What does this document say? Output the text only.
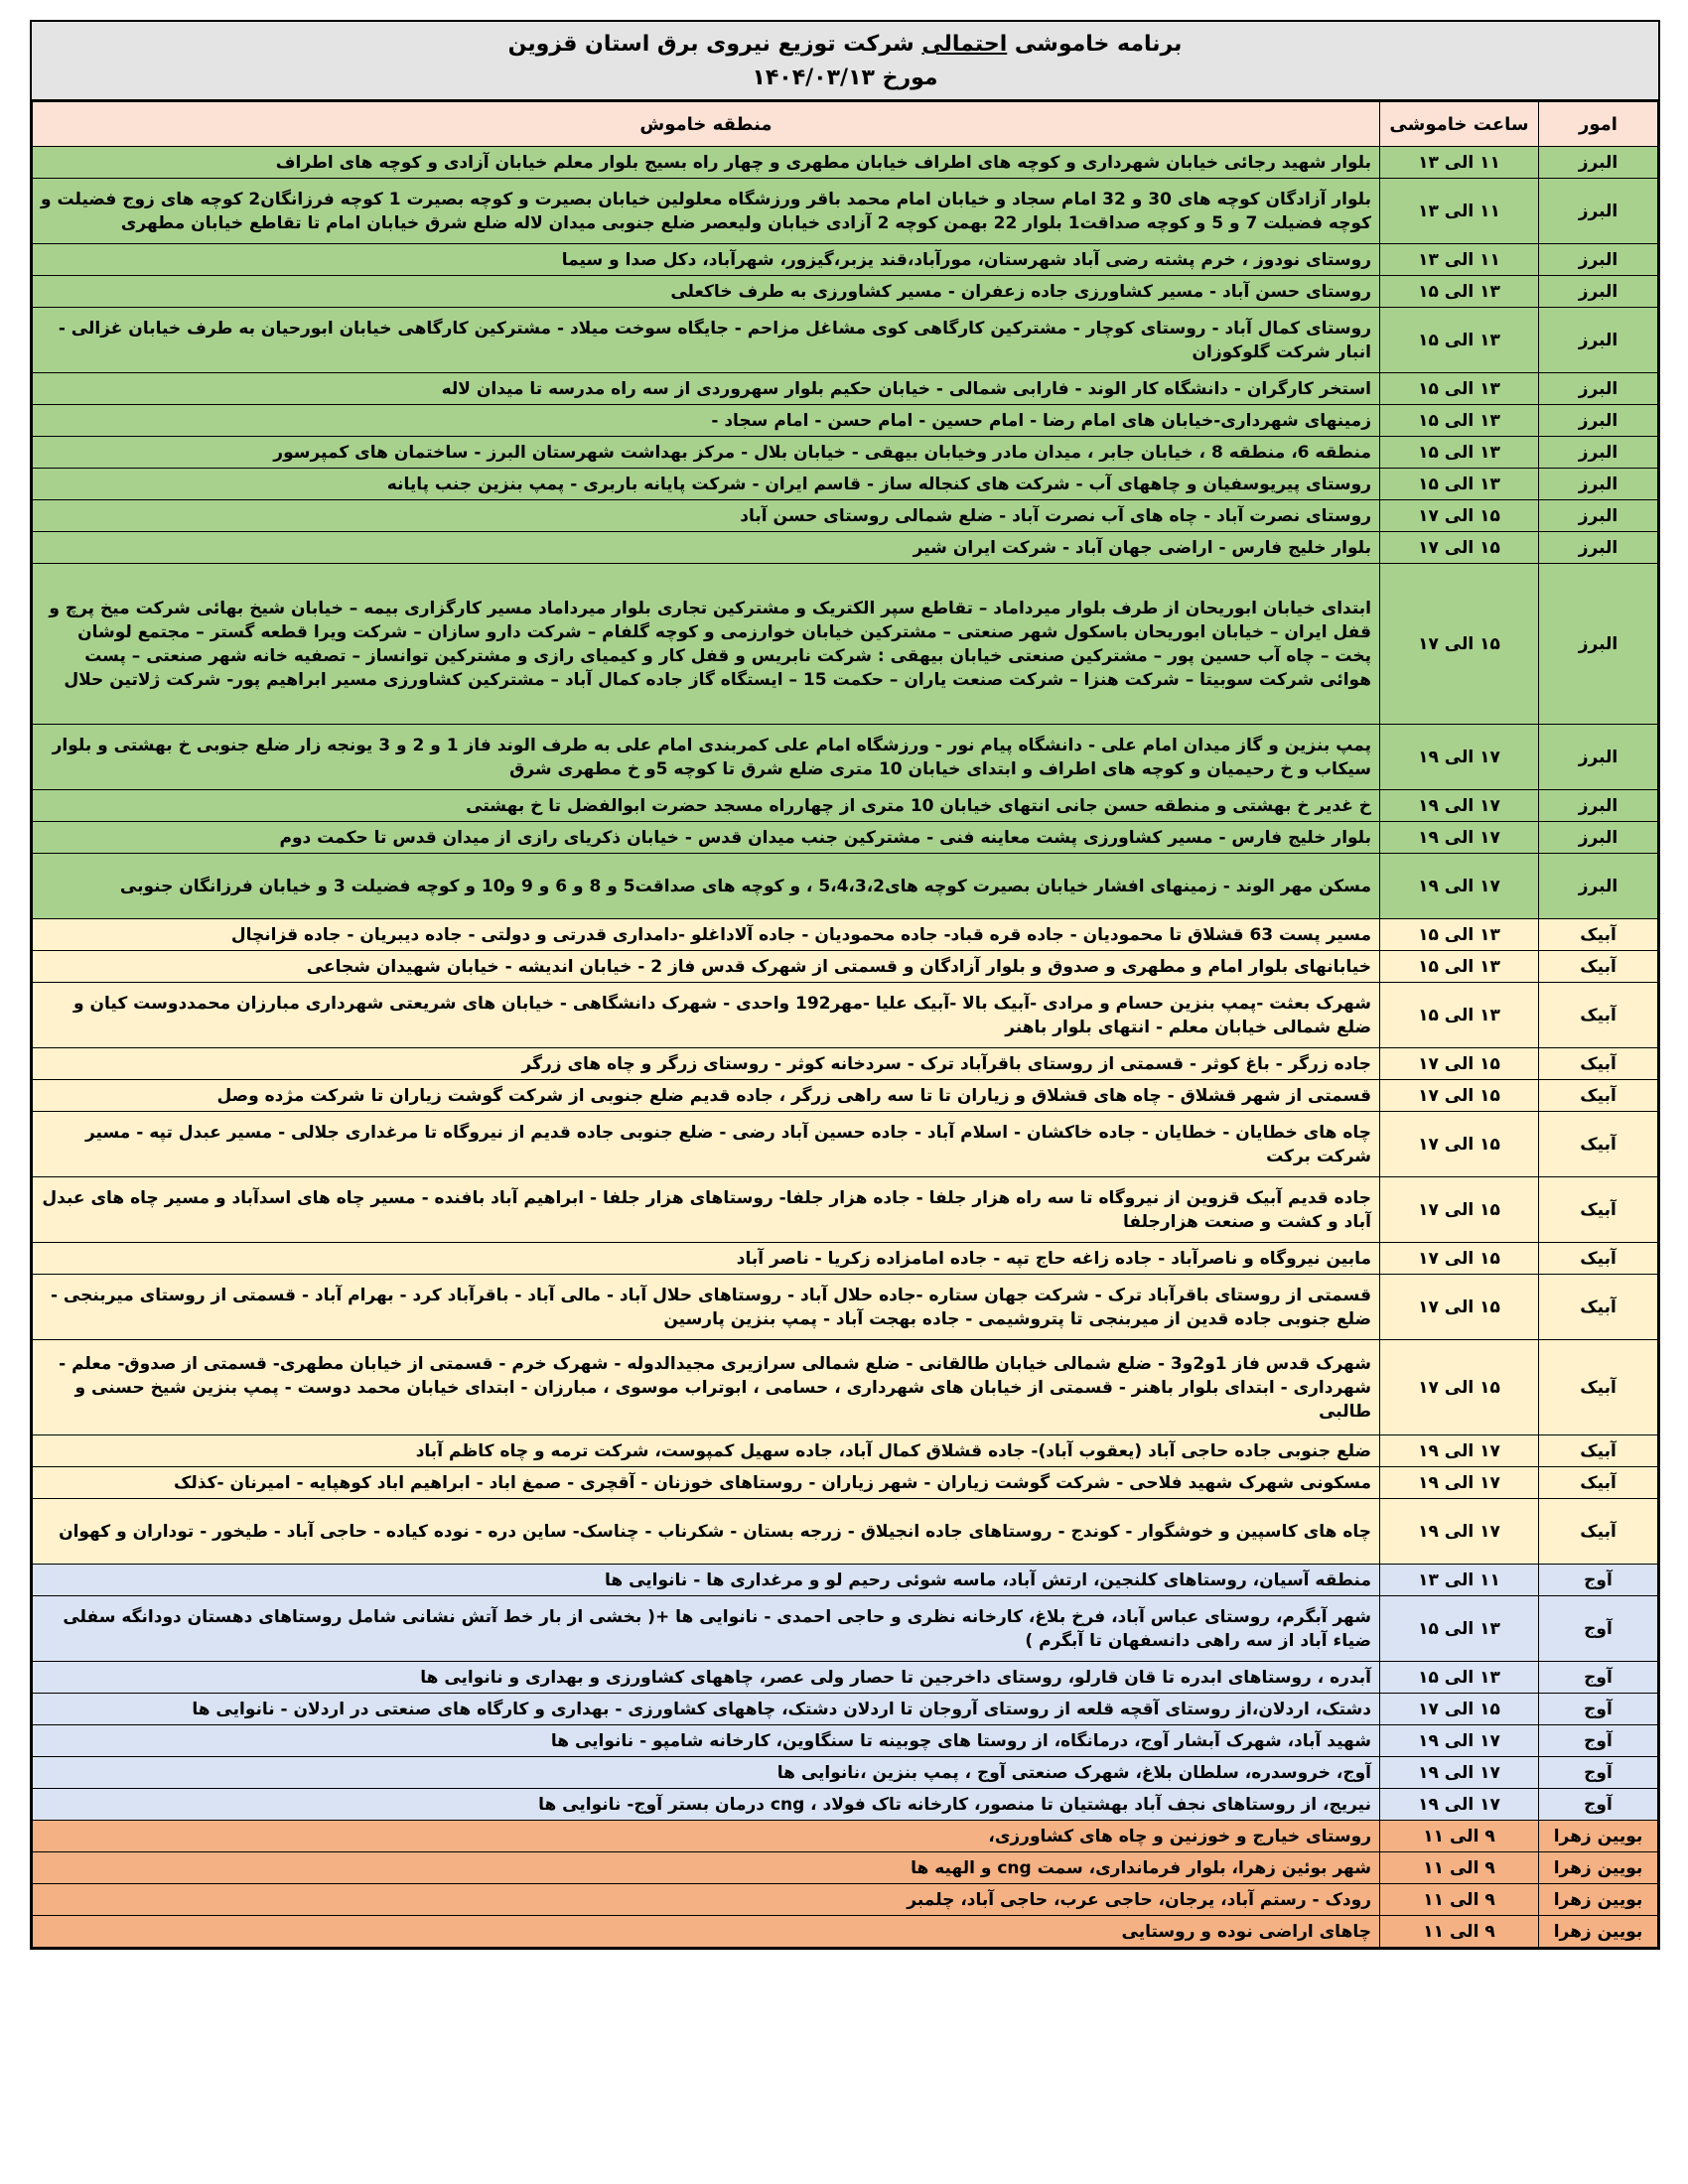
برنامه خاموشی احتمالی شرکت توزیع نیروی برق استان قزوین
مورخ ۱۴۰۴/۰۳/۱۳
امور	ساعت خاموشی	منطقه خاموش
البرز	۱۱ الی ۱۳	بلوار شهید رجائی خیابان شهرداری و کوچه های اطراف خیابان مطهری و چهار راه بسیج بلوار معلم خیابان آزادی و کوچه های اطراف
البرز	۱۱ الی ۱۳	بلوار آزادگان کوچه های 30 و 32 امام سجاد و خیابان امام محمد باقر ورزشگاه معلولین خیابان بصیرت و کوچه بصیرت 1 کوچه فرزانگان2 کوچه های زوج فضیلت و کوچه فضیلت 7 و 5 و کوچه صداقت1 بلوار 22 بهمن کوچه 2 آزادی خیابان ولیعصر ضلع جنوبی میدان لاله ضلع شرق خیابان امام تا تقاطع خیابان مطهری
البرز	۱۱ الی ۱۳	روستای نودوز ، خرم پشته رضی آباد شهرستان، مورآباد،قند یزبر،گیزور، شهرآباد، دکل صدا و سیما
البرز	۱۳ الی ۱۵	روستای حسن آباد - مسیر کشاورزی جاده زعفران - مسیر کشاورزی به طرف خاکعلی
البرز	۱۳ الی ۱۵	روستای کمال آباد - روستای کوچار - مشترکین کارگاهی کوی مشاغل مزاحم - جایگاه سوخت میلاد - مشترکین کارگاهی خیابان ابورحیان به طرف خیابان غزالی - انبار شرکت گلوکوزان
البرز	۱۳ الی ۱۵	استخر کارگران - دانشگاه کار الوند - فارابی شمالی - خیابان حکیم بلوار سهروردی از سه راه مدرسه تا میدان لاله
البرز	۱۳ الی ۱۵	زمینهای شهرداری-خیابان های امام رضا - امام حسین - امام حسن - امام سجاد -
البرز	۱۳ الی ۱۵	منطقه 6، منطقه 8 ، خیابان جابر ، میدان مادر وخیابان بیهقی - خیابان بلال - مرکز بهداشت شهرستان البرز - ساختمان های کمپرسور
البرز	۱۳ الی ۱۵	روستای پیریوسفیان و چاههای آب - شرکت های کنجاله ساز - قاسم ایران - شرکت پایانه باربری - پمپ بنزین جنب پایانه
البرز	۱۵ الی ۱۷	روستای نصرت آباد - چاه های آب نصرت آباد - ضلع شمالی روستای حسن آباد
البرز	۱۵ الی ۱۷	بلوار خلیج فارس - اراضی جهان آباد - شرکت ایران شیر
البرز	۱۵ الی ۱۷	ابتدای خیابان ابوریحان از طرف بلوار میرداماد – تقاطع سپر الکتریک و مشترکین تجاری بلوار میرداماد مسیر کارگزاری بیمه – خیابان شیخ بهائی شرکت میخ پرچ و قفل ایران – خیابان ابوریحان باسکول شهر صنعتی – مشترکین خیابان خوارزمی و کوچه گلفام – شرکت دارو سازان – شرکت ویرا قطعه گستر – مجتمع لوشان پخت – چاه آب حسین پور – مشترکین صنعتی خیابان بیهقی : شرکت نابریس و قفل کار و کیمیای رازی و مشترکین توانساز – تصفیه خانه شهر صنعتی – پست هوائی شرکت سوبیتا – شرکت هنزا – شرکت صنعت یاران – حکمت 15 – ایستگاه گاز جاده کمال آباد – مشترکین کشاورزی مسیر ابراهیم پور- شرکت ژلاتین حلال
البرز	۱۷ الی ۱۹	پمپ بنزین و گاز میدان امام علی - دانشگاه پیام نور - ورزشگاه امام علی کمربندی امام علی به طرف الوند فاز 1 و 2 و 3 یونجه زار ضلع جنوبی خ بهشتی و بلوار سیکاب و خ رحیمیان و کوچه های اطراف و ابتدای خیابان 10 متری ضلع شرق تا کوچه 5و خ مطهری شرق
البرز	۱۷ الی ۱۹	خ غدیر خ بهشتی و منطقه حسن جانی انتهای خیابان 10 متری از چهارراه مسجد حضرت ابوالفضل تا خ بهشتی
البرز	۱۷ الی ۱۹	بلوار خلیج فارس - مسیر کشاورزی پشت معاینه فنی - مشترکین جنب میدان قدس - خیابان ذکریای رازی از میدان قدس تا حکمت دوم
البرز	۱۷ الی ۱۹	مسکن مهر الوند - زمینهای افشار خیابان بصیرت کوچه های5،4،3،2 ، و کوچه های صداقت5 و 8 و 6 و 9 و10 و کوچه فضیلت 3 و خیابان فرزانگان جنوبی
آبیک	۱۳ الی ۱۵	مسیر پست 63 قشلاق تا محمودیان - جاده قره قباد- جاده محمودیان - جاده آلاداغلو -دامداری قدرتی و دولتی - جاده دیبریان - جاده قزانچال
آبیک	۱۳ الی ۱۵	خیابانهای بلوار امام و مطهری و صدوق و بلوار آزادگان و قسمتی از شهرک قدس فاز 2 - خیابان اندیشه - خیابان شهیدان شجاعی
آبیک	۱۳ الی ۱۵	شهرک بعثت -پمپ بنزین حسام و مرادی -آبیک بالا -آبیک علیا -مهر192 واحدی - شهرک دانشگاهی - خیابان های شریعتی شهرداری مبارزان محمددوست کیان و ضلع شمالی خیابان معلم - انتهای بلوار باهنر
آبیک	۱۵ الی ۱۷	جاده زرگر - باغ کوثر - قسمتی از روستای باقرآباد ترک - سردخانه کوثر - روستای زرگر و چاه های زرگر
آبیک	۱۵ الی ۱۷	قسمتی از شهر قشلاق - چاه های قشلاق و زیاران تا تا سه راهی زرگر ، جاده قدیم ضلع جنوبی از شرکت گوشت زیاران تا شرکت مژده وصل
آبیک	۱۵ الی ۱۷	چاه های خطایان - خطایان - جاده خاکشان - اسلام آباد - جاده حسین آباد رضی - ضلع جنوبی جاده قدیم از نیروگاه تا مرغداری جلالی - مسیر عبدل تپه - مسیر شرکت برکت
آبیک	۱۵ الی ۱۷	جاده قدیم آبیک قزوین از نیروگاه تا سه راه هزار جلفا - جاده هزار جلفا- روستاهای هزار جلفا - ابراهیم آباد بافنده - مسیر چاه های اسدآباد و مسیر چاه های عبدل آباد و کشت و صنعت هزارجلفا
آبیک	۱۵ الی ۱۷	مابین نیروگاه و ناصرآباد - جاده زاغه حاج تپه - جاده امامزاده زکریا - ناصر آباد
آبیک	۱۵ الی ۱۷	قسمتی از روستای باقرآباد ترک - شرکت جهان ستاره -جاده حلال آباد - روستاهای حلال آباد - مالی آباد - باقرآباد کرد - بهرام آباد - قسمتی از روستای میربنجی - ضلع جنوبی جاده قدین از میربنجی تا پتروشیمی - جاده بهجت آباد - پمپ بنزین پارسین
آبیک	۱۵ الی ۱۷	شهرک قدس فاز 1و2و3 - ضلع شمالی خیابان طالقانی - ضلع شمالی سرازیری مجیدالدوله - شهرک خرم - قسمتی از خیابان مطهری- قسمتی از صدوق- معلم - شهرداری - ابتدای بلوار باهنر - قسمتی از خیابان های شهرداری ، حسامی ، ابوتراب موسوی ، مبارزان - ابتدای خیابان محمد دوست - پمپ بنزین شیخ حسنی و طالبی
آبیک	۱۷ الی ۱۹	ضلع جنوبی جاده حاجی آباد (یعقوب آباد)- جاده قشلاق کمال آباد، جاده سهیل کمپوست، شرکت ترمه و چاه کاظم آباد
آبیک	۱۷ الی ۱۹	مسکونی شهرک شهید فلاحی - شرکت گوشت زیاران - شهر زیاران - روستاهای خوزنان - آقچری - صمغ اباد - ابراهیم اباد کوهپایه - امیرنان -کذلک
آبیک	۱۷ الی ۱۹	چاه های کاسپین و خوشگوار - کوندج - روستاهای جاده انجیلاق - زرجه بستان - شکرناب - چناسک- ساین دره - نوده کیاده - حاجی آباد - طیخور - توداران و کهوان
آوج	۱۱ الی ۱۳	منطقه آسیان، روستاهای کلنجین، ارتش آباد، ماسه شوئی رحیم لو و مرغداری ها - نانوایی ها
آوج	۱۳ الی ۱۵	شهر آبگرم، روستای عباس آباد، فرخ بلاغ، کارخانه نظری و حاجی احمدی - نانوایی ها +( بخشی از بار خط آتش نشانی شامل روستاهای دهستان دودانگه سفلی ضیاء آباد از سه راهی دانسفهان تا آبگرم )
آوج	۱۳ الی ۱۵	آبدره ، روستاهای ابدره تا قان قارلو، روستای داخرجین تا حصار ولی عصر، چاههای کشاورزی و بهداری و نانوایی ها
آوج	۱۵ الی ۱۷	دشتک، اردلان،از روستای آقچه قلعه از روستای آروجان تا اردلان دشتک، چاههای کشاورزی - بهداری و کارگاه های صنعتی در اردلان - نانوایی ها
آوج	۱۷ الی ۱۹	شهید آباد، شهرک آبشار آوج، درمانگاه، از روستا های چوبینه تا سنگاوین، کارخانه شامپو - نانوایی ها
آوج	۱۷ الی ۱۹	آوج، خروسدره، سلطان بلاغ، شهرک صنعتی آوج ، پمپ بنزین ،نانوایی ها
آوج	۱۷ الی ۱۹	نیریج، از روستاهای نجف آباد بهشتیان تا منصور، کارخانه تاک فولاد ، cng درمان بستر آوج- نانوایی ها
بویین زهرا	۹ الی ۱۱	روستای خیارج و خوزنین و چاه های کشاورزی،
بویین زهرا	۹ الی ۱۱	شهر بوئین زهرا، بلوار فرمانداری، سمت cng و الهیه ها
بویین زهرا	۹ الی ۱۱	رودک - رستم آباد، یرجان، حاجی عرب، حاجی آباد، چلمبر
بویین زهرا	۹ الی ۱۱	چاهای اراضی نوده و روستایی
